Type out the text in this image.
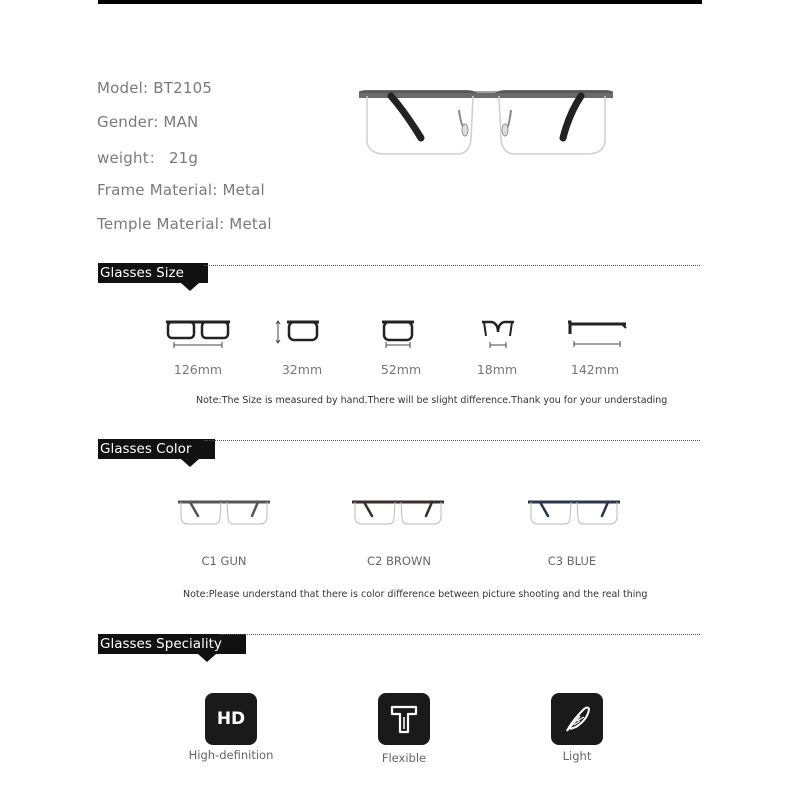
Model: BT2105
Gender: MAN
weight： 21g
Frame Material: Metal
Temple Material: Metal
Glasses Size
126mm	32mm	52mm	18mm	142mm
Note:The Size is measured by hand.There will be slight difference.Thank you for your understading
Glasses Color
C1 GUN	C2 BROWN	C3 BLUE
Note:Please understand that there is color difference between picture shooting and the real thing
Glasses Speciality
HD
High-definition	Flexible	Light
